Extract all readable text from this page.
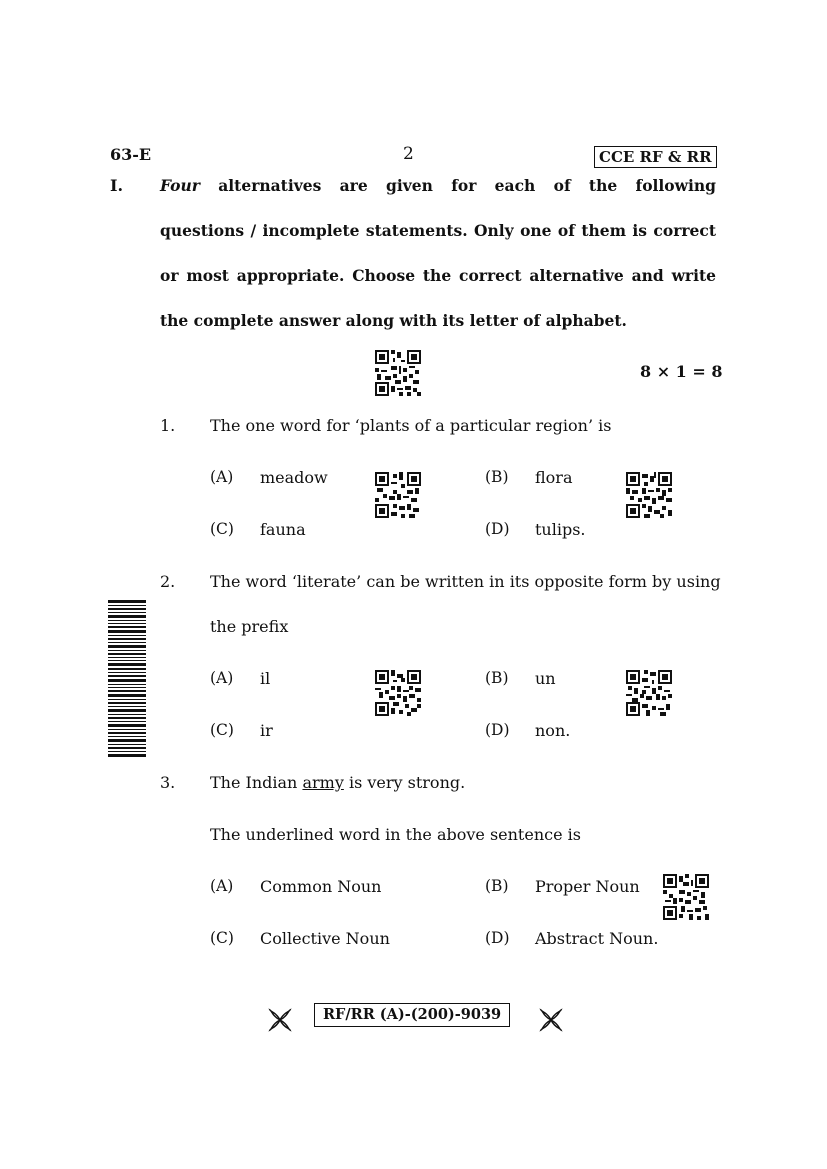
63-E	2	CCE RF & RR
I. Four alternatives are given for each of the following
questions / incomplete statements. Only one of them is correct
or most appropriate. Choose the correct alternative and write
the complete answer along with its letter of alphabet.
8 × 1 = 8
1. The one word for ‘plants of a particular region’ is
(A) meadow	(B) flora
(C) fauna	(D) tulips.
2. The word ‘literate’ can be written in its opposite form by using
the prefix
(A) il	(B) un
(C) ir	(D) non.
3. The Indian army is very strong.
The underlined word in the above sentence is
(A) Common Noun	(B) Proper Noun
(C) Collective Noun	(D) Abstract Noun.
RF/RR (A)-(200)-9039
